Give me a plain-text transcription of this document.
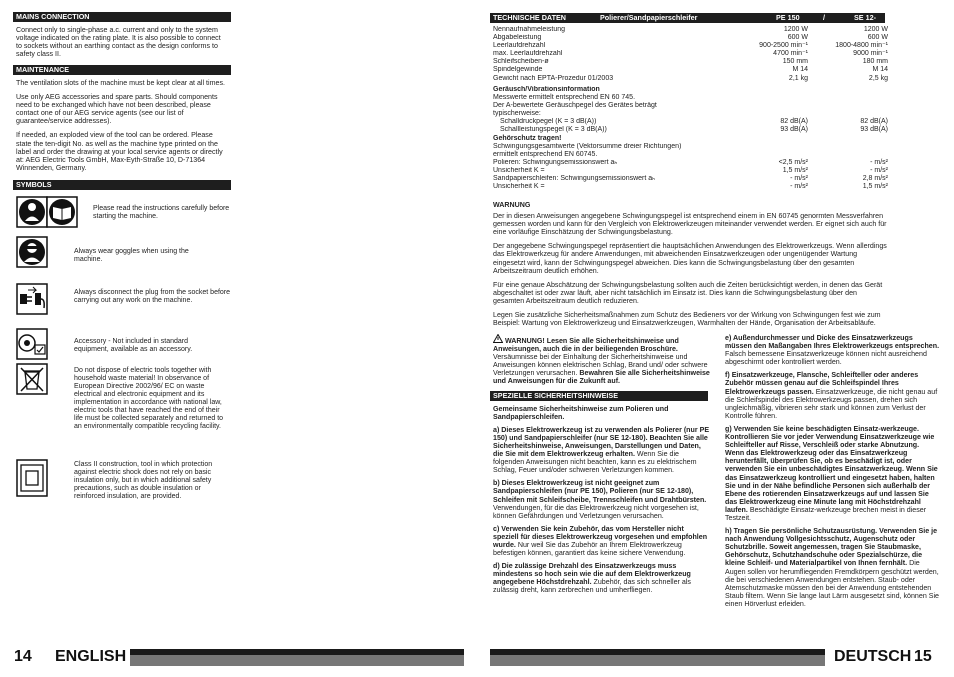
MAINS CONNECTION

Connect only to single-phase a.c. current and only to the system voltage indicated on the rating plate. It is also possible to connect to sockets without an earthing contact as the design conforms to safety class II.

MAINTENANCE

The ventilation slots of the machine must be kept clear at all times.

Use only AEG accessories and spare parts. Should components need to be exchanged which have not been described, please contact one of our AEG service agents (see our list of guarantee/service addresses).

If needed, an exploded view of the tool can be ordered. Please state the ten-digit No. as well as the machine type printed on the label and order the drawing at your local service agents or directly at: AEG Electric Tools GmbH, Max-Eyth-Straße 10, D-71364 Winnenden, Germany.

SYMBOLS
Please read the instructions carefully before starting the machine.
Always wear goggles when using the machine.
Always disconnect the plug from the socket before carrying out any work on the machine.
Accessory - Not included in standard equipment, available as an accessory.
Do not dispose of electric tools together with household waste material! In observance of European Directive 2002/96/ EC on waste electrical and electronic equipment and its implementation in accordance with national law, electric tools that have reached the end of their life must be collected separately and returned to an environmentally compatible recycling facility.
Class II construction, tool in which protection against electric shock does not rely on basic insulation only, but in which additional safety precautions, such as double insulation or reinforced insulation, are provided.
14 ENGLISH
TECHNISCHE DATEN	Polierer/Sandpapierschleifer	PE 150	/	SE 12-180
Nennaufnahmeleistung	1200 W	1200 W
Abgabeleistung	600 W	600 W
Leerlaufdrehzahl	900-2500 min⁻¹	1800-4800 min⁻¹
max. Leerlaufdrehzahl	4700 min⁻¹	9000 min⁻¹
Schleifscheiben-ø	150 mm	180 mm
Spindelgewinde	M 14	M 14
Gewicht nach EPTA-Prozedur 01/2003	2,1 kg	2,5 kg
Geräusch/Vibrationsinformation
Messwerte ermittelt entsprechend EN 60 745.
Der A-bewertete Geräuschpegel des Gerätes beträgt
typischerweise:
Schalldruckpegel (K = 3 dB(A))	82 dB(A)	82 dB(A)
Schallleistungspegel (K = 3 dB(A))	93 dB(A)	93 dB(A)
Gehörschutz tragen!
Schwingungsgesamtwerte (Vektorsumme dreier Richtungen)
ermittelt entsprechend EN 60745.
Polieren: Schwingungsemissionswert aₕ	<2,5 m/s²	- m/s²
Unsicherheit K =	1,5 m/s²	- m/s²
Sandpapierschleifen: Schwingungsemissionswert aₕ	- m/s²	2,8 m/s²
Unsicherheit K =	- m/s²	1,5 m/s²

WARNUNG

Der in diesen Anweisungen angegebene Schwingungspegel ist entsprechend einem in EN 60745 genormten Messverfahren gemessen worden und kann für den Vergleich von Elektrowerkzeugen miteinander verwendet werden. Er eignet sich auch für eine vorläufige Einschätzung der Schwingungsbelastung.

Der angegebene Schwingungspegel repräsentiert die hauptsächlichen Anwendungen des Elektrowerkzeugs. Wenn allerdings das Elektrowerkzeug für andere Anwendungen, mit abweichenden Einsatzwerkzeugen oder ungenügender Wartung eingesetzt wird, kann der Schwingungspegel abweichen. Dies kann die Schwingungsbelastung über den gesamten Arbeitszeitraum deutlich erhöhen.

Für eine genaue Abschätzung der Schwingungsbelastung sollten auch die Zeiten berücksichtigt werden, in denen das Gerät abgeschaltet ist oder zwar läuft, aber nicht tatsächlich im Einsatz ist. Dies kann die Schwingungsbelastung über den gesamten Arbeitszeitraum deutlich reduzieren.

Legen Sie zusätzliche Sicherheitsmaßnahmen zum Schutz des Bedieners vor der Wirkung von Schwingungen fest wie zum Beispiel: Wartung von Elektrowerkzeug und Einsatzwerkzeugen, Warmhalten der Hände, Organisation der Arbeitsabläufe.

WARNUNG! Lesen Sie alle Sicherheitshinweise und Anweisungen, auch die in der beiliegenden Broschüre. Versäumnisse bei der Einhaltung der Sicherheitshinweise und Anweisungen können elektrischen Schlag, Brand und/ oder schwere Verletzungen verursachen. Bewahren Sie alle Sicherheitshinweise und Anweisungen für die Zukunft auf.

SPEZIELLE SICHERHEITSHINWEISE

Gemeinsame Sicherheitshinweise zum Polieren und Sandpapierschleifen.

a) Dieses Elektrowerkzeug ist zu verwenden als Polierer (nur PE 150) und Sandpapierschleifer (nur SE 12-180). Beachten Sie alle Sicherheitshinweise, Anweisungen, Darstellungen und Daten, die Sie mit dem Elektrowerkzeug erhalten. Wenn Sie die folgenden Anweisungen nicht beachten, kann es zu elektrischem Schlag, Feuer und/oder schweren Verletzungen kommen.

b) Dieses Elektrowerkzeug ist nicht geeignet zum Sandpapierschleifen (nur PE 150), Polieren (nur SE 12-180), Schleifen mit Schleifscheibe, Trennschleifen und Drahtbürsten. Verwendungen, für die das Elektrowerkzeug nicht vorgesehen ist, können Gefährdungen und Verletzungen verursachen.

c) Verwenden Sie kein Zubehör, das vom Hersteller nicht speziell für dieses Elektrowerkzeug vorgesehen und empfohlen wurde. Nur weil Sie das Zubehör an Ihrem Elektrowerkzeug befestigen können, garantiert das keine sichere Verwendung.

d) Die zulässige Drehzahl des Einsatzwerkzeugs muss mindestens so hoch sein wie die auf dem Elektrowerkzeug angegebene Höchstdrehzahl. Zubehör, das sich schneller als zulässig dreht, kann zerbrechen und umherfliegen.

e) Außendurchmesser und Dicke des Einsatzwerkzeugs müssen den Maßangaben Ihres Elektrowerkzeugs entsprechen. Falsch bemessene Einsatzwerkzeuge können nicht ausreichend abgeschirmt oder kontrolliert werden.

f) Einsatzwerkzeuge, Flansche, Schleifteller oder anderes Zubehör müssen genau auf die Schleifspindel Ihres Elektrowerkzeugs passen. Einsatzwerkzeuge, die nicht genau auf die Schleifspindel des Elektrowerkzeugs passen, drehen sich ungleichmäßig, vibrieren sehr stark und können zum Verlust der Kontrolle führen.

g) Verwenden Sie keine beschädigten Einsatz-werkzeuge. Kontrollieren Sie vor jeder Verwendung Einsatzwerkzeuge wie Schleifteller auf Risse, Verschleiß oder starke Abnutzung. Wenn das Elektrowerkzeug oder das Einsatzwerkzeug herunterfällt, überprüfen Sie, ob es beschädigt ist, oder verwenden Sie ein unbeschädigtes Einsatzwerkzeug. Wenn Sie das Einsatzwerkzeug kontrolliert und eingesetzt haben, halten Sie und in der Nähe befindliche Personen sich außerhalb der Ebene des rotierenden Einsatzwerkzeugs auf und lassen Sie das Elektrowerkzeug eine Minute lang mit Höchstdrehzahl laufen. Beschädigte Einsatz-werkzeuge brechen meist in dieser Testzeit.

h) Tragen Sie persönliche Schutzausrüstung. Verwenden Sie je nach Anwendung Vollgesichtsschutz, Augenschutz oder Schutzbrille. Soweit angemessen, tragen Sie Staubmaske, Gehörschutz, Schutzhandschuhe oder Spezialschürze, die kleine Schleif- und Materialpartikel von Ihnen fernhält. Die Augen sollen vor herumfliegenden Fremdkörpern geschützt werden, die bei verschiedenen Anwendungen entstehen. Staub- oder Atemschutzmaske müssen den bei der Anwendung entstehenden Staub filtern. Wenn Sie lange laut Lärm ausgesetzt sind, können Sie einen Hörverlust erleiden.

DEUTSCH 15
